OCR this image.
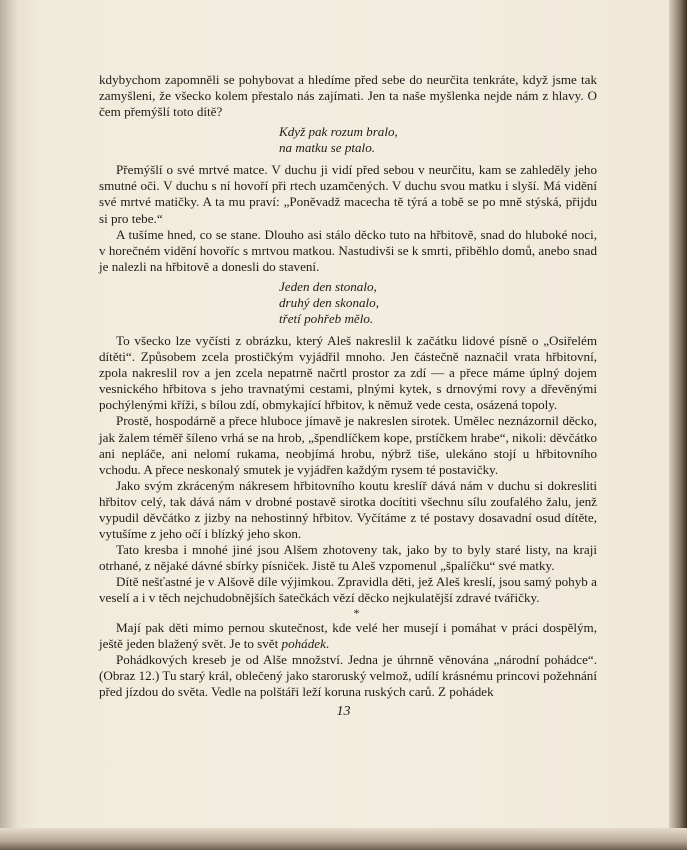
kdybychom zapomněli se pohybovat a hledíme před sebe do neurčita tenkráte, když jsme tak zamyšleni, že všecko kolem přestalo nás zajímati. Jen ta naše myšlenka nejde nám z hlavy. O čem přemýšlí toto dítě?

Když pak rozum bralo,
na matku se ptalo.

Přemýšlí o své mrtvé matce. V duchu ji vidí před sebou v neurčitu, kam se zahleděly jeho smutné oči. V duchu s ní hovoří při rtech uzamčených. V duchu svou matku i slyší. Má vidění své mrtvé matičky. A ta mu praví: „Poněvadž macecha tě týrá a tobě se po mně stýská, přijdu si pro tebe.“

A tušíme hned, co se stane. Dlouho asi stálo děcko tuto na hřbitově, snad do hluboké noci, v horečném vidění hovoříc s mrtvou matkou. Nastudivši se k smrti, přiběhlo domů, anebo snad je nalezli na hřbitově a donesli do stavení.

Jeden den stonalo,
druhý den skonalo,
třetí pohřeb mělo.

To všecko lze vyčísti z obrázku, který Aleš nakreslil k začátku lidové písně o „Osiřelém dítěti“. Způsobem zcela prostičkým vyjádřil mnoho. Jen částečně naznačil vrata hřbitovní, zpola nakreslil rov a jen zcela nepatrně načrtl prostor za zdí — a přece máme úplný dojem vesnického hřbitova s jeho travnatými cestami, plnými kytek, s drnovými rovy a dřevěnými pochýlenými kříži, s bílou zdí, obmykající hřbitov, k němuž vede cesta, osázená topoly.

Prostě, hospodárně a přece hluboce jímavě je nakreslen sirotek. Umělec neznázornil děcko, jak žalem téměř šíleno vrhá se na hrob, „špendlíčkem kope, prstíčkem hrabe“, nikoli: děvčátko ani nepláče, ani nelomí rukama, neobjímá hrobu, nýbrž tiše, ulekáno stojí u hřbitovního vchodu. A přece neskonalý smutek je vyjádřen každým rysem té postavičky.

Jako svým zkráceným nákresem hřbitovního koutu kreslíř dává nám v duchu si dokresliti hřbitov celý, tak dává nám v drobné postavě sirotka docítiti všechnu sílu zoufalého žalu, jenž vypudil děvčátko z jizby na nehostinný hřbitov. Vyčítáme z té postavy dosavadní osud dítěte, vytušíme z jeho očí i blízký jeho skon.

Tato kresba i mnohé jiné jsou Alšem zhotoveny tak, jako by to byly staré listy, na kraji otrhané, z nějaké dávné sbírky písniček. Jistě tu Aleš vzpomenul „špalíčku“ své matky.

Dítě nešťastné je v Alšově díle výjimkou. Zpravidla děti, jež Aleš kreslí, jsou samý pohyb a veselí a i v těch nejchudobnějších šatečkách vězí děcko nejkulatější zdravé tvářičky.

*

Mají pak děti mimo pernou skutečnost, kde velé her musejí i pomáhat v práci dospělým, ještě jeden blažený svět. Je to svět pohádek.

Pohádkových kreseb je od Alše množství. Jedna je úhrnně věnována „národní pohádce“. (Obraz 12.) Tu starý král, oblečený jako staroruský velmož, udílí krásnému princovi požehnání před jízdou do světa. Vedle na polštáři leží koruna ruských carů. Z pohádek

13
